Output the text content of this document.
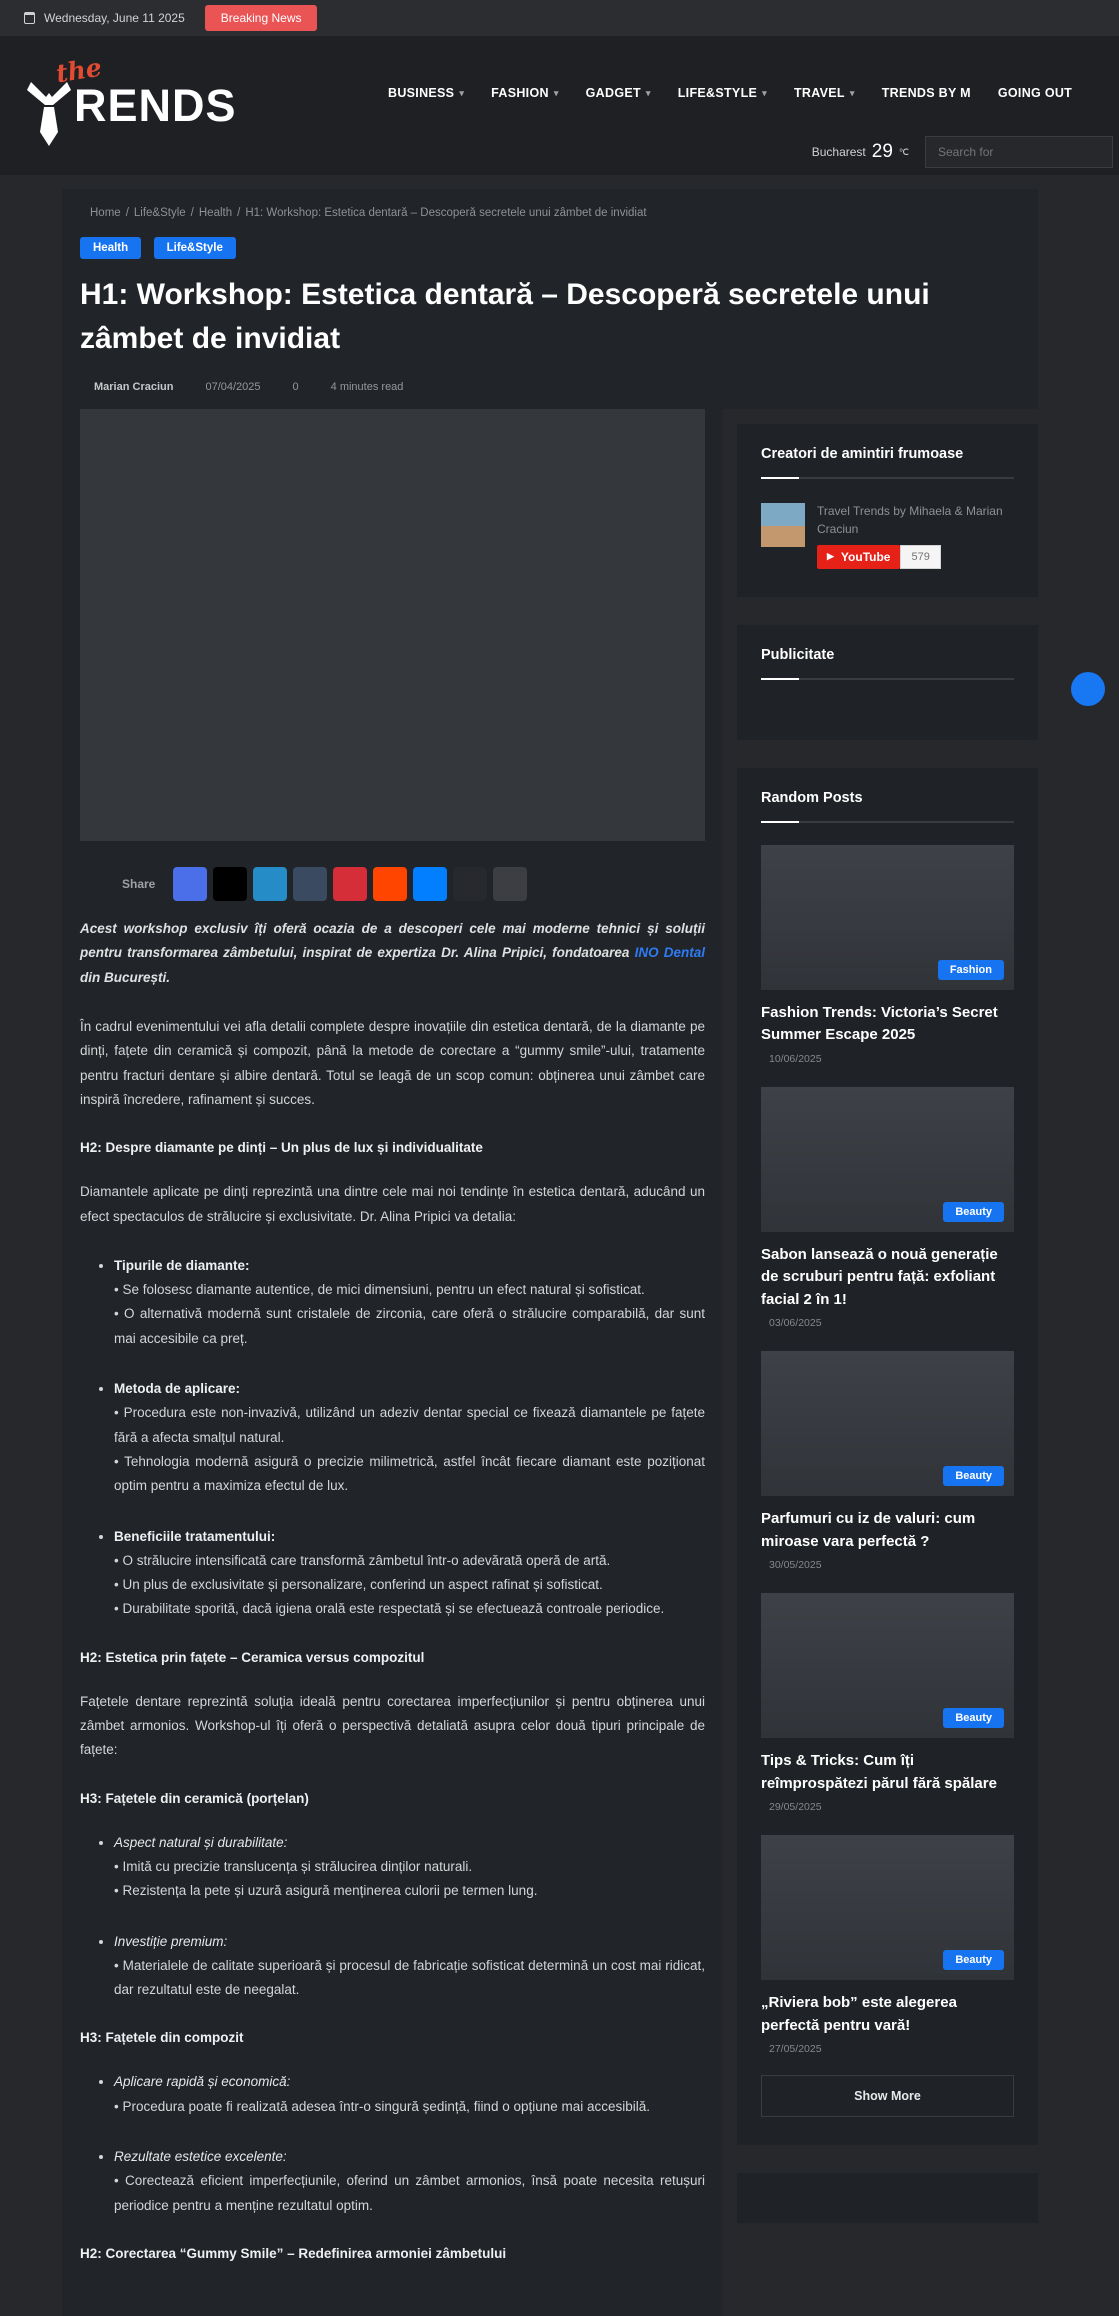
Wednesday, June 11 2025	Breaking News
the
RENDS	BUSINESS ▾ FASHION ▾ GADGET ▾ LIFE&STYLE ▾ TRAVEL ▾ TRENDS BY M GOING OUT
Bucharest 29 ℃
Search for
Home / Life&Style / Health / H1: Workshop: Estetica dentară – Descoperă secretele unui zâmbet de invidiat
Health	Life&Style
H1: Workshop: Estetica dentară – Descoperă secretele unui zâmbet de invidiat
Marian Craciun	07/04/2025	0	4 minutes read
Share

Acest workshop exclusiv îți oferă ocazia de a descoperi cele mai moderne tehnici și soluții pentru transformarea zâmbetului, inspirat de expertiza Dr. Alina Pripici, fondatoarea INO Dental din București.

În cadrul evenimentului vei afla detalii complete despre inovațiile din estetica dentară, de la diamante pe dinți, fațete din ceramică și compozit, până la metode de corectare a “gummy smile”-ului, tratamente pentru fracturi dentare și albire dentară. Totul se leagă de un scop comun: obținerea unui zâmbet care inspiră încredere, rafinament și succes.

H2: Despre diamante pe dinți – Un plus de lux și individualitate

Diamantele aplicate pe dinți reprezintă una dintre cele mai noi tendințe în estetica dentară, aducând un efect spectaculos de strălucire și exclusivitate. Dr. Alina Pripici va detalia:

• Tipurile de diamante:
• Se folosesc diamante autentice, de mici dimensiuni, pentru un efect natural și sofisticat.
• O alternativă modernă sunt cristalele de zirconia, care oferă o strălucire comparabilă, dar sunt mai accesibile ca preț.
• Metoda de aplicare:
• Procedura este non-invazivă, utilizând un adeziv dentar special ce fixează diamantele pe fațete fără a afecta smalțul natural.
• Tehnologia modernă asigură o precizie milimetrică, astfel încât fiecare diamant este poziționat optim pentru a maximiza efectul de lux.
• Beneficiile tratamentului:
• O strălucire intensificată care transformă zâmbetul într-o adevărată operă de artă.
• Un plus de exclusivitate și personalizare, conferind un aspect rafinat și sofisticat.
• Durabilitate sporită, dacă igiena orală este respectată și se efectuează controale periodice.
H2: Estetica prin fațete – Ceramica versus compozitul

Fațetele dentare reprezintă soluția ideală pentru corectarea imperfecțiunilor și pentru obținerea unui zâmbet armonios. Workshop-ul îți oferă o perspectivă detaliată asupra celor două tipuri principale de fațete:

H3: Fațetele din ceramică (porțelan)
• Aspect natural și durabilitate:
• Imită cu precizie translucența și strălucirea dinților naturali.
• Rezistența la pete și uzură asigură menținerea culorii pe termen lung.
• Investiție premium:
• Materialele de calitate superioară și procesul de fabricație sofisticat determină un cost mai ridicat, dar rezultatul este de neegalat.
H3: Fațetele din compozit
• Aplicare rapidă și economică:
• Procedura poate fi realizată adesea într-o singură ședință, fiind o opțiune mai accesibilă.
• Rezultate estetice excelente:
• Corectează eficient imperfecțiunile, oferind un zâmbet armonios, însă poate necesita retușuri periodice pentru a menține rezultatul optim.
H2: Corectarea “Gummy Smile” – Redefinirea armoniei zâmbetului
Creatori de amintiri frumoase
Travel Trends by Mihaela & Marian Craciun
▶ YouTube	579
Publicitate
Random Posts
Fashion
Fashion Trends: Victoria’s Secret Summer Escape 2025
10/06/2025
Beauty
Sabon lansează o nouă generație de scruburi pentru față: exfoliant facial 2 în 1!
03/06/2025
Beauty
Parfumuri cu iz de valuri: cum miroase vara perfectă ?
30/05/2025
Beauty
Tips & Tricks: Cum îți reîmprospătezi părul fără spălare
29/05/2025
Beauty
„Riviera bob” este alegerea perfectă pentru vară!
27/05/2025
Show More
